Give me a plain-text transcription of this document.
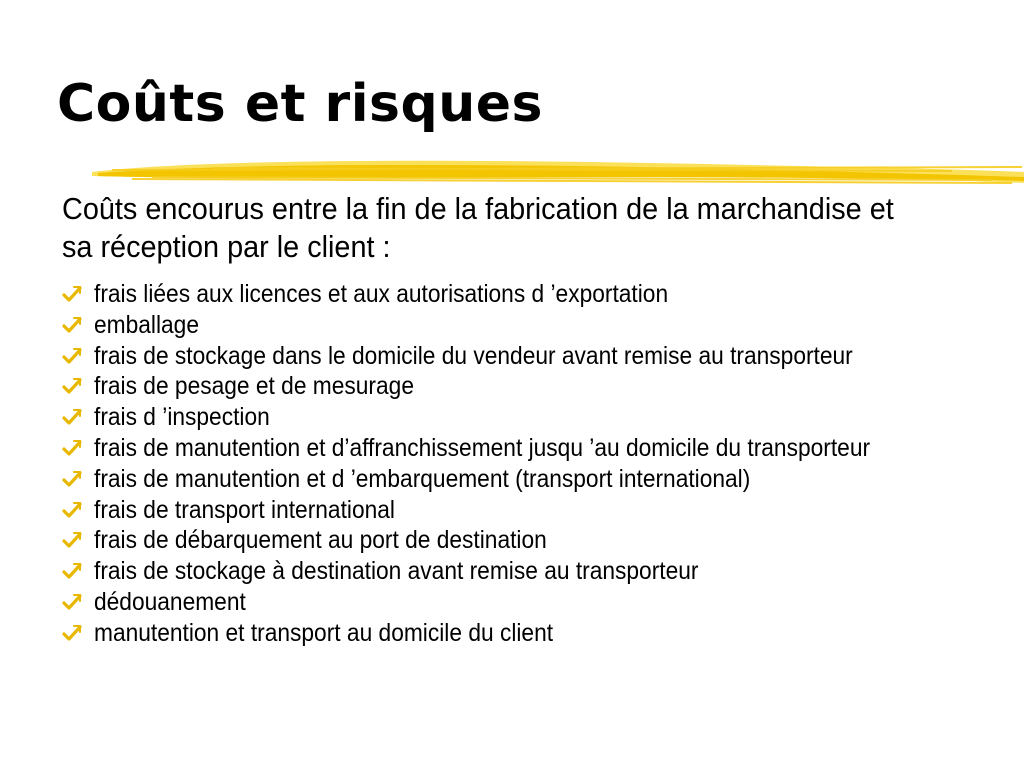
Coûts et risques

Coûts encourus entre la fin de la fabrication de la marchandise et sa réception par le client :

frais liées aux licences et aux autorisations d ’exportation
emballage
frais de stockage dans le domicile du vendeur avant remise au transporteur
frais de pesage et de mesurage
frais d ’inspection
frais de manutention et d’affranchissement jusqu ’au domicile du transporteur
frais de manutention et d ’embarquement (transport international)
frais de transport international
frais de débarquement au port de destination
frais de stockage à destination avant remise au transporteur
dédouanement
manutention et transport au domicile du client
